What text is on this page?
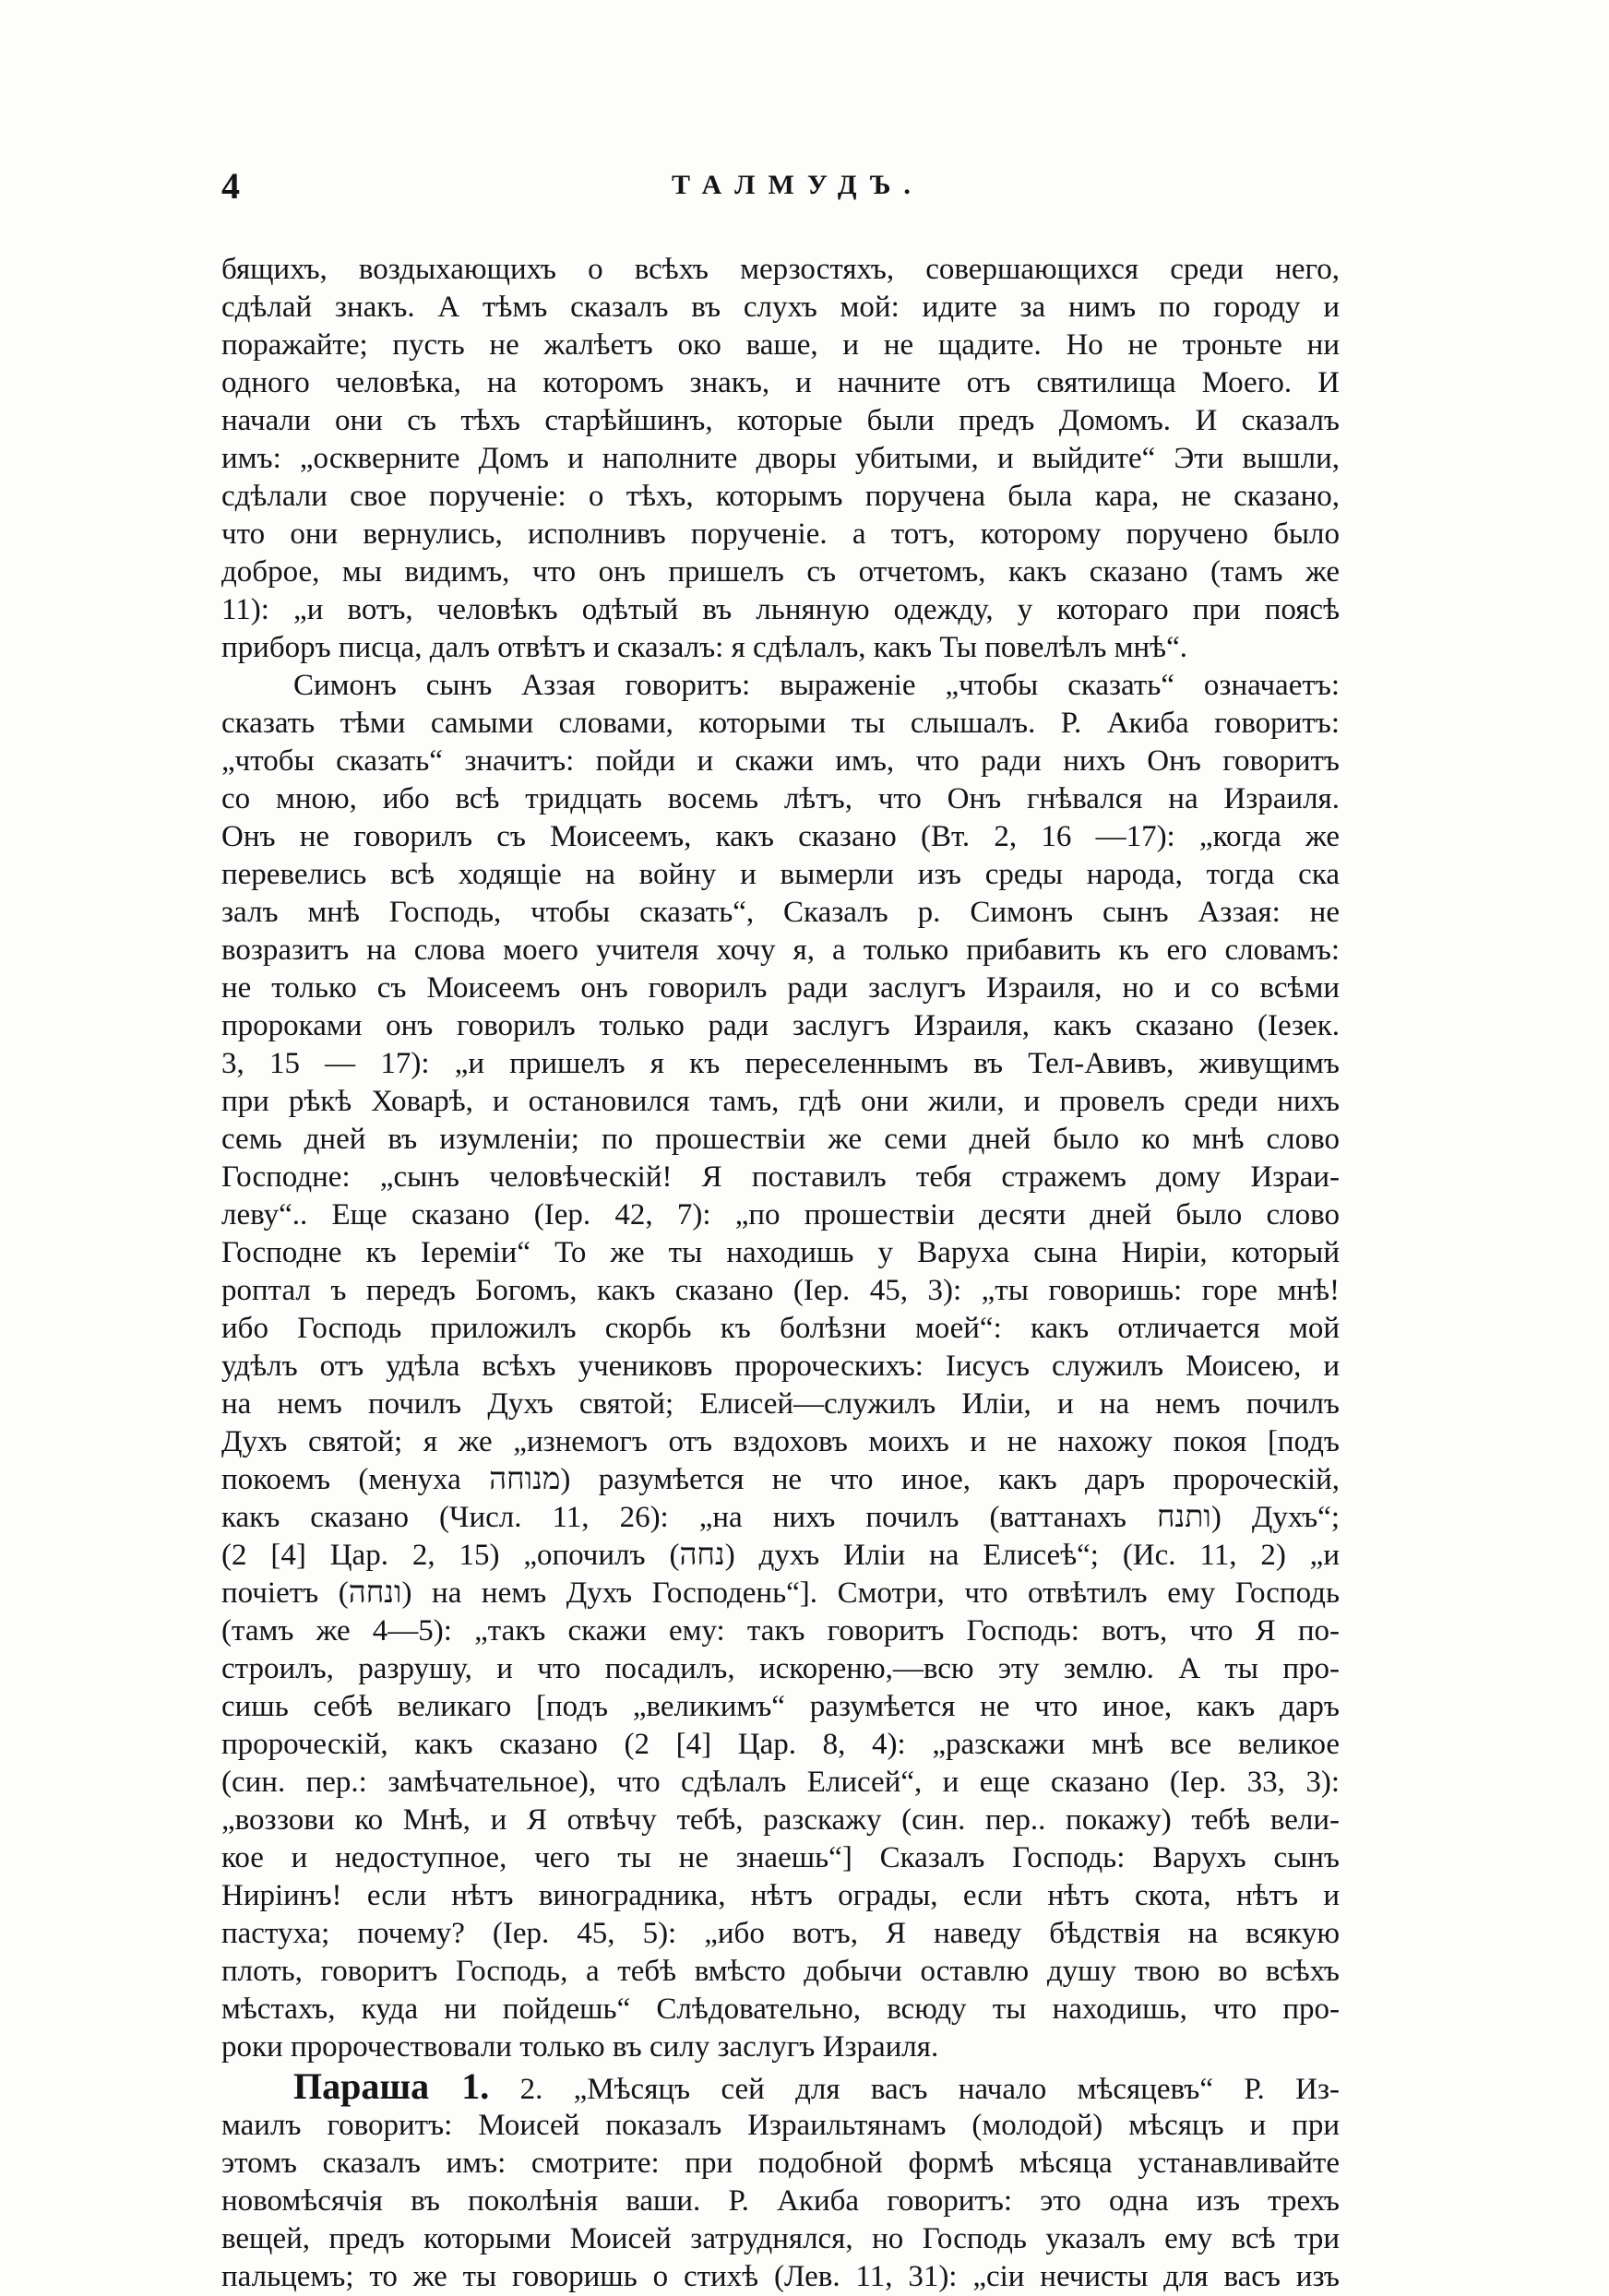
4	ТАЛМУДЪ.
бящихъ, воздыхающихъ о всѣхъ мерзостяхъ, совершающихся среди него,
сдѣлай знакъ. А тѣмъ сказалъ въ слухъ мой: идите за нимъ по городу и
поражайте; пусть не жалѣетъ око ваше, и не щадите. Но не троньте ни
одного человѣка, на которомъ знакъ, и начните отъ святилища Моего. И
начали они съ тѣхъ старѣйшинъ, которые были предъ Домомъ. И сказалъ
имъ: „оскверните Домъ и наполните дворы убитыми, и выйдите“ Эти вышли,
сдѣлали свое порученіе: о тѣхъ, которымъ поручена была кара, не сказано,
что они вернулись, исполнивъ порученіе. а тотъ, которому поручено было
доброе, мы видимъ, что онъ пришелъ съ отчетомъ, какъ сказано (тамъ же
11): „и вотъ, человѣкъ одѣтый въ льняную одежду, у котораго при поясѣ
приборъ писца, далъ отвѣтъ и сказалъ: я сдѣлалъ, какъ Ты повелѣлъ мнѣ“.
Симонъ сынъ Аззая говоритъ: выраженіе „чтобы сказать“ означаетъ:
сказать тѣми самыми словами, которыми ты слышалъ. Р. Акиба говоритъ:
„чтобы сказать“ значитъ: пойди и скажи имъ, что ради нихъ Онъ говоритъ
со мною, ибо всѣ тридцать восемь лѣтъ, что Онъ гнѣвался на Израиля.
Онъ не говорилъ съ Моисеемъ, какъ сказано (Вт. 2, 16 —17): „когда же
перевелись всѣ ходящіе на войну и вымерли изъ среды народа, тогда ска
залъ мнѣ Господь, чтобы сказать“, Сказалъ р. Симонъ сынъ Аззая: не
возразитъ на слова моего учителя хочу я, а только прибавить къ его словамъ:
не только съ Моисеемъ онъ говорилъ ради заслугъ Израиля, но и со всѣми
пророками онъ говорилъ только ради заслугъ Израиля, какъ сказано (Iезек.
3, 15 — 17): „и пришелъ я къ переселеннымъ въ Тел-Авивъ, живущимъ
при рѣкѣ Ховарѣ, и остановился тамъ, гдѣ они жили, и провелъ среди нихъ
семь дней въ изумленіи; по прошествіи же семи дней было ко мнѣ слово
Господне: „сынъ человѣческій! Я поставилъ тебя стражемъ дому Израи-
леву“.. Еще сказано (Іер. 42, 7): „по прошествіи десяти дней было слово
Господне къ Іеремiи“ То же ты находишь у Варуха сына Нирiи, который
роптал ъ передъ Богомъ, какъ сказано (Iер. 45, 3): „ты говоришь: горе мнѣ!
ибо Господь приложилъ скорбь къ болѣзни моей“: какъ отличается мой
удѣлъ отъ удѣла всѣхъ учениковъ пророческихъ: Іисусъ служилъ Моисею, и
на немъ почилъ Духъ святой; Елисей—служилъ Иліи, и на немъ почилъ
Духъ святой; я же „изнемогъ отъ вздоховъ моихъ и не нахожу покоя [подъ
покоемъ (менуха מנוחה) разумѣется не что иное, какъ даръ пророческій,
какъ сказано (Числ. 11, 26): „на нихъ почилъ (ваттанахъ ותנח) Духъ“;
(2 [4] Цар. 2, 15) „опочилъ (נחה) духъ Иліи на Елисеѣ“; (Ис. 11, 2) „и
почіетъ (ונחה) на немъ Духъ Господень“]. Смотри, что отвѣтилъ ему Господь
(тамъ же 4—5): „такъ скажи ему: такъ говоритъ Господь: вотъ, что Я по-
строилъ, разрушу, и что посадилъ, искореню,—всю эту землю. А ты про-
сишь себѣ великаго [подъ „великимъ“ разумѣется не что иное, какъ даръ
пророческій, какъ сказано (2 [4] Цар. 8, 4): „разскажи мнѣ все великое
(син. пер.: замѣчательное), что сдѣлалъ Елисей“, и еще сказано (Іер. 33, 3):
„воззови ко Мнѣ, и Я отвѣчу тебѣ, разскажу (син. пер.. покажу) тебѣ вели-
кое и недоступное, чего ты не знаешь“] Сказалъ Господь: Варухъ сынъ
Нирiинъ! если нѣтъ виноградника, нѣтъ ограды, если нѣтъ скота, нѣтъ и
пастуха; почему? (Iер. 45, 5): „ибо вотъ, Я наведу бѣдствія на всякую
плоть, говоритъ Господь, а тебѣ вмѣсто добычи оставлю душу твою во всѣхъ
мѣстахъ, куда ни пойдешь“ Слѣдовательно, всюду ты находишь, что про-
роки пророчествовали только въ силу заслугъ Израиля.
Параша 1. 2. „Мѣсяцъ сей для васъ начало мѣсяцевъ“ Р. Из-
маилъ говоритъ: Моисей показалъ Израильтянамъ (молодой) мѣсяцъ и при
этомъ сказалъ имъ: смотрите: при подобной формѣ мѣсяца устанавливайте
новомѣсячія въ поколѣнія ваши. Р. Акиба говоритъ: это одна изъ трехъ
вещей, предъ которыми Моисей затруднялся, но Господь указалъ ему всѣ три
пальцемъ; то же ты говоришь о стихѣ (Лев. 11, 31): „сіи нечисты для васъ изъ
